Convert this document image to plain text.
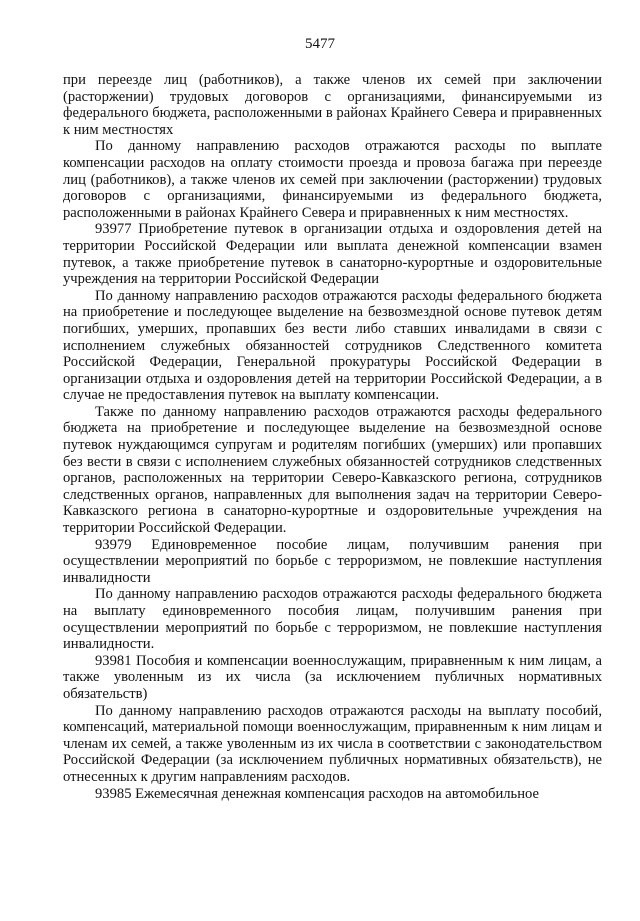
5477

при переезде лиц (работников), а также членов их семей при заключении (расторжении) трудовых договоров с организациями, финансируемыми из федерального бюджета, расположенными в районах Крайнего Севера и приравненных к ним местностях

По данному направлению расходов отражаются расходы по выплате компенсации расходов на оплату стоимости проезда и провоза багажа при переезде лиц (работников), а также членов их семей при заключении (расторжении) трудовых договоров с организациями, финансируемыми из федерального бюджета, расположенными в районах Крайнего Севера и приравненных к ним местностях.

93977 Приобретение путевок в организации отдыха и оздоровления детей на территории Российской Федерации или выплата денежной компенсации взамен путевок, а также приобретение путевок в санаторно-курортные и оздоровительные учреждения на территории Российской Федерации

По данному направлению расходов отражаются расходы федерального бюджета на приобретение и последующее выделение на безвозмездной основе путевок детям погибших, умерших, пропавших без вести либо ставших инвалидами в связи с исполнением служебных обязанностей сотрудников Следственного комитета Российской Федерации, Генеральной прокуратуры Российской Федерации в организации отдыха и оздоровления детей на территории Российской Федерации, а в случае не предоставления путевок на выплату компенсации.

Также по данному направлению расходов отражаются расходы федерального бюджета на приобретение и последующее выделение на безвозмездной основе путевок нуждающимся супругам и родителям погибших (умерших) или пропавших без вести в связи с исполнением служебных обязанностей сотрудников следственных органов, расположенных на территории Северо-Кавказского региона, сотрудников следственных органов, направленных для выполнения задач на территории Северо-Кавказского региона в санаторно-курортные и оздоровительные учреждения на территории Российской Федерации.

93979 Единовременное пособие лицам, получившим ранения при осуществлении мероприятий по борьбе с терроризмом, не повлекшие наступления инвалидности

По данному направлению расходов отражаются расходы федерального бюджета на выплату единовременного пособия лицам, получившим ранения при осуществлении мероприятий по борьбе с терроризмом, не повлекшие наступления инвалидности.

93981 Пособия и компенсации военнослужащим, приравненным к ним лицам, а также уволенным из их числа (за исключением публичных нормативных обязательств)

По данному направлению расходов отражаются расходы на выплату пособий, компенсаций, материальной помощи военнослужащим, приравненным к ним лицам и членам их семей, а также уволенным из их числа в соответствии с законодательством Российской Федерации (за исключением публичных нормативных обязательств), не отнесенных к другим направлениям расходов.

93985 Ежемесячная денежная компенсация расходов на автомобильное
